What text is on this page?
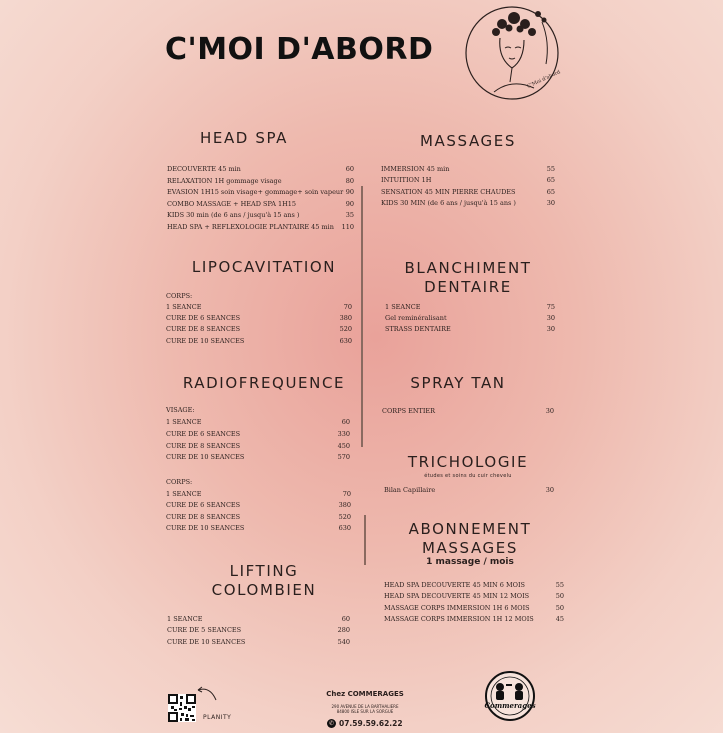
C'MOI D'ABORD
C'Moi d'abord
HEAD SPA
DECOUVERTE 45 min	60
RELAXATION 1H gommage visage	80
EVASION 1H15 soin visage+ gommage+ soin vapeur 90
COMBO MASSAGE + HEAD SPA 1H15	90
KIDS 30 min (de 6 ans / jusqu'à 15 ans )	35
HEAD SPA + REFLEXOLOGIE PLANTAIRE 45 min 110
LIPOCAVITATION
CORPS:
1 SEANCE	70
CURE DE 6 SEANCES	380
CURE DE 8 SEANCES	520
CURE DE 10 SEANCES	630
RADIOFREQUENCE
VISAGE:
1 SEANCE	60
CURE DE 6 SEANCES	330
CURE DE 8 SEANCES	450
CURE DE 10 SEANCES	570
CORPS:
1 SEANCE	70
CURE DE 6 SEANCES	380
CURE DE 8 SEANCES	520
CURE DE 10 SEANCES	630
LIFTING
COLOMBIEN
1 SEANCE	60
CURE DE 5 SEANCES	280
CURE DE 10 SEANCES	540
MASSAGES
IMMERSION 45 min	55
INTUITION 1H	65
SENSATION 45 MIN PIERRE CHAUDES	65
KIDS 30 MIN (de 6 ans / jusqu'à 15 ans )	30
BLANCHIMENT
DENTAIRE
1 SEANCE	75
Gel reminéralisant	30
STRASS DENTAIRE	30
SPRAY TAN
CORPS ENTIER	30
TRICHOLOGIE
études et soins du cuir chevelu
Bilan Capillaire	30
ABONNEMENT
MASSAGES
1 massage / mois
HEAD SPA DECOUVERTE 45 MIN 6 MOIS	55
HEAD SPA DECOUVERTE 45 MIN 12 MOIS	50
MASSAGE CORPS IMMERSION 1H 6 MOIS	50
MASSAGE CORPS IMMERSION 1H 12 MOIS	45
PLANITY
Chez COMMERAGES
290 AVENUE DE LA BARTHALIERE
84800 ISLE SUR LA SORGUE
✆ 07.59.59.62.22
Commerages
